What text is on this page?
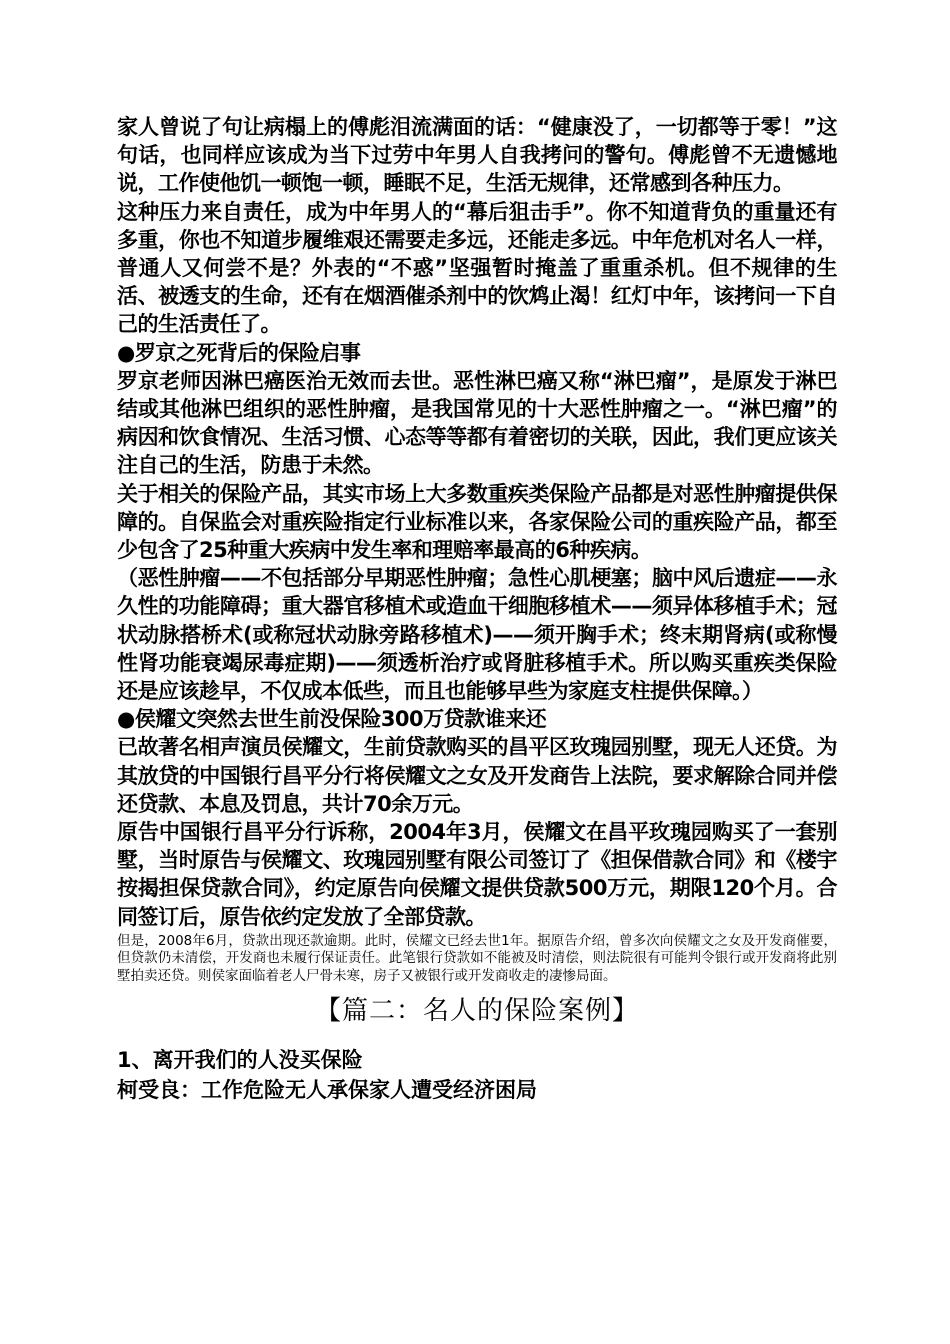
家人曾说了句让病榻上的傅彪泪流满面的话：“健康没了，一切都等于零！”这句话，也同样应该成为当下过劳中年男人自我拷问的警句。傅彪曾不无遗憾地说，工作使他饥一顿饱一顿，睡眠不足，生活无规律，还常感到各种压力。

这种压力来自责任，成为中年男人的“幕后狙击手”。你不知道背负的重量还有多重，你也不知道步履维艰还需要走多远，还能走多远。中年危机对名人一样，普通人又何尝不是？外表的“不惑”坚强暂时掩盖了重重杀机。但不规律的生活、被透支的生命，还有在烟酒催杀剂中的饮鸩止渴！红灯中年，该拷问一下自己的生活责任了。

●罗京之死背后的保险启事

罗京老师因淋巴癌医治无效而去世。恶性淋巴癌又称“淋巴瘤”，是原发于淋巴结或其他淋巴组织的恶性肿瘤，是我国常见的十大恶性肿瘤之一。“淋巴瘤”的病因和饮食情况、生活习惯、心态等等都有着密切的关联，因此，我们更应该关注自己的生活，防患于未然。

关于相关的保险产品，其实市场上大多数重疾类保险产品都是对恶性肿瘤提供保障的。自保监会对重疾险指定行业标准以来，各家保险公司的重疾险产品，都至少包含了25种重大疾病中发生率和理赔率最高的6种疾病。

（恶性肿瘤——不包括部分早期恶性肿瘤；急性心肌梗塞；脑中风后遗症——永久性的功能障碍；重大器官移植术或造血干细胞移植术——须异体移植手术；冠状动脉搭桥术(或称冠状动脉旁路移植术)——须开胸手术；终末期肾病(或称慢性肾功能衰竭尿毒症期)——须透析治疗或肾脏移植手术。所以购买重疾类保险还是应该趁早，不仅成本低些，而且也能够早些为家庭支柱提供保障。）

●侯耀文突然去世生前没保险300万贷款谁来还

已故著名相声演员侯耀文，生前贷款购买的昌平区玫瑰园别墅，现无人还贷。为其放贷的中国银行昌平分行将侯耀文之女及开发商告上法院，要求解除合同并偿还贷款、本息及罚息，共计70余万元。

原告中国银行昌平分行诉称，2004年3月，侯耀文在昌平玫瑰园购买了一套别墅，当时原告与侯耀文、玫瑰园别墅有限公司签订了《担保借款合同》和《楼宇按揭担保贷款合同》，约定原告向侯耀文提供贷款500万元，期限120个月。合同签订后，原告依约定发放了全部贷款。

但是，2008年6月，贷款出现还款逾期。此时，侯耀文已经去世1年。据原告介绍，曾多次向侯耀文之女及开发商催要，但贷款仍未清偿，开发商也未履行保证责任。此笔银行贷款如不能被及时清偿，则法院很有可能判令银行或开发商将此别墅拍卖还贷。则侯家面临着老人尸骨未寒，房子又被银行或开发商收走的凄惨局面。

【篇二：名人的保险案例】

1、离开我们的人没买保险

柯受良：工作危险无人承保家人遭受经济困局
